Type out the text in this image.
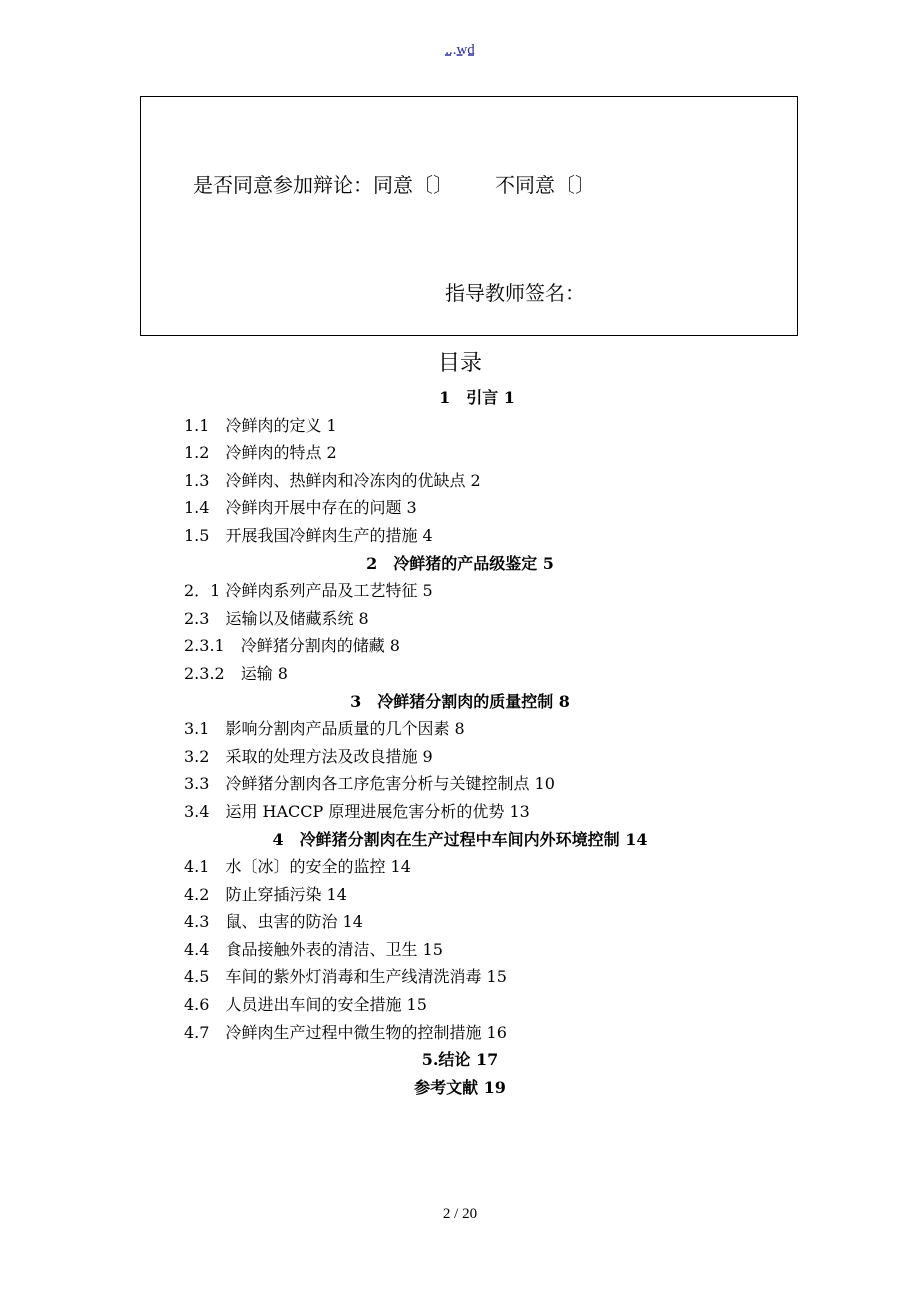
...wd
是否同意参加辩论：同意〔〕 不同意〔〕
指导教师签名：
目录
1　引言 1
1.1　冷鲜肉的定义 1
1.2　冷鲜肉的特点 2
1.3　冷鲜肉、热鲜肉和冷冻肉的优缺点 2
1.4　冷鲜肉开展中存在的问题 3
1.5　开展我国冷鲜肉生产的措施 4
2　冷鲜猪的产品级鉴定 5
2．1 冷鲜肉系列产品及工艺特征 5
2.3　运输以及储藏系统 8
2.3.1　冷鲜猪分割肉的储藏 8
2.3.2　运输 8
3　冷鲜猪分割肉的质量控制 8
3.1　影响分割肉产品质量的几个因素 8
3.2　采取的处理方法及改良措施 9
3.3　冷鲜猪分割肉各工序危害分析与关键控制点 10
3.4　运用 HACCP 原理进展危害分析的优势 13
4　冷鲜猪分割肉在生产过程中车间内外环境控制 14
4.1　水〔冰〕的安全的监控 14
4.2　防止穿插污染 14
4.3　鼠、虫害的防治 14
4.4　食品接触外表的清洁、卫生 15
4.5　车间的紫外灯消毒和生产线清洗消毒 15
4.6　人员进出车间的安全措施 15
4.7　冷鲜肉生产过程中微生物的控制措施 16
5.结论 17
参考文献 19
2 / 20
